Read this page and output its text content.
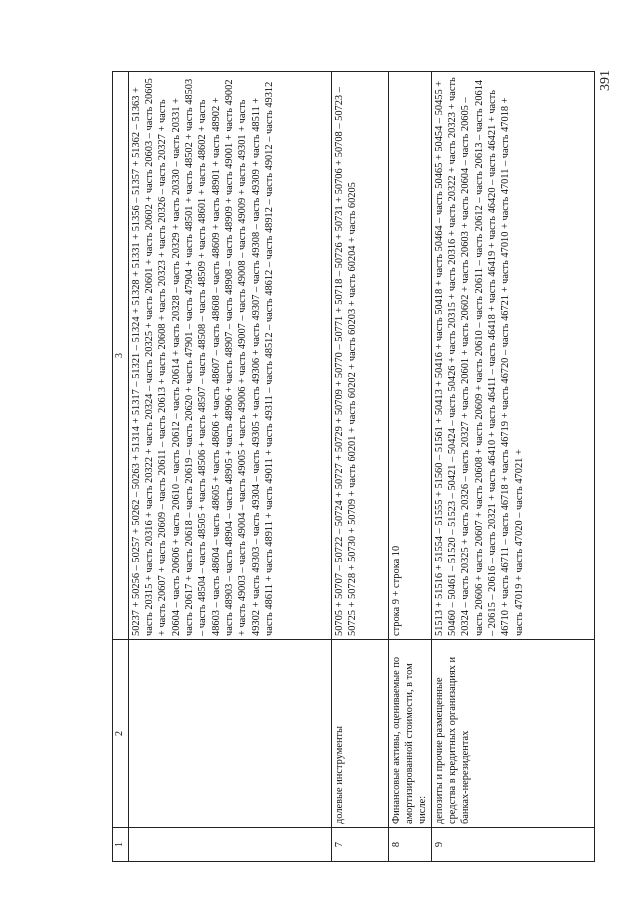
391
1	2	3
		50237 + 50256 – 50257 + 50262 – 50263 + 51314 + 51317 – 51321 – 51324 + 51328 + 51331 + 51356 – 51357 + 51362 – 51363 + часть 20315 + часть 20316 + часть 20322 + часть 20324 – часть 20325 + часть 20601 + часть 20602 + часть 20603 – часть 20605 + часть 20607 + часть 20609 – часть 20611 – часть 20613 + часть 20608 + часть 20323 + часть 20326 – часть 20327 + часть 20604 – часть 20606 + часть 20610 – часть 20612 – часть 20614 + часть 20328 – часть 20329 + часть 20330 – часть 20331 + часть 20617 + часть 20618 – часть 20619 – часть 20620 + часть 47901 – часть 47904 + часть 48501 + часть 48502 + часть 48503 – часть 48504 – часть 48505 + часть 48506 + часть 48507 – часть 48508 – часть 48509 + часть 48601 + часть 48602 + часть 48603 – часть 48604 – часть 48605 + часть 48606 + часть 48607 – часть 48608 – часть 48609 + часть 48901 + часть 48902 + часть 48903 – часть 48904 – часть 48905 + часть 48906 + часть 48907 – часть 48908 – часть 48909 + часть 49001 + часть 49002 + часть 49003 – часть 49004 – часть 49005 + часть 49006 + часть 49007 – часть 49008 – часть 49009 + часть 49301 + часть 49302 + часть 49303 – часть 49304 – часть 49305 + часть 49306 + часть 49307 – часть 49308 – часть 49309 + часть 48511 + часть 48611 + часть 48911 + часть 49011 + часть 49311 – часть 48512 – часть 48612 – часть 48912 – часть 49012 – часть 49312
7	долевые инструменты	50705 + 50707 – 50722 – 50724 + 50727 + 50729 + 50709 + 50770 – 50771 + 50718 – 50726 + 50731 + 50706 + 50708 – 50723 – 50725 + 50728 + 50730 + 50709 + часть 60201 + часть 60202 + часть 60203 + часть 60204 + часть 60205
8	Финансовые активы, оцениваемые по амортизированной стоимости, в том числе:	строка 9 + строка 10
9	депозиты и прочие размещенные средства в кредитных организациях и банках-нерезидентах	51513 + 51516 + 51554 – 51555 + 51560 – 51561 + 50413 + 50416 + часть 50418 + часть 50464 – часть 50465 + 50454 – 50455 + 50460 – 50461 – 51520 – 51523 – 50421 – 50424 – часть 50426 + часть 20315 + часть 20316 + часть 20322 + часть 20323 + часть 20324 – часть 20325 + часть 20326 – часть 20327 + часть 20601 + часть 20602 + часть 20603 + часть 20604 – часть 20605 – часть 20606 + часть 20607 + часть 20608 + часть 20609 + часть 20610 – часть 20611 – часть 20612 – часть 20613 – часть 20614 – 20615 – 20616 – часть 20321 + часть 46410 + часть 46411 – часть 46418 + часть 46419 + часть 46420 – часть 46421 + часть 46710 + часть 46711 – часть 46718 + часть 46719 + часть 46720 – часть 46721 + часть 47010 + часть 47011 – часть 47018 + часть 47019 + часть 47020 – часть 47021 +
